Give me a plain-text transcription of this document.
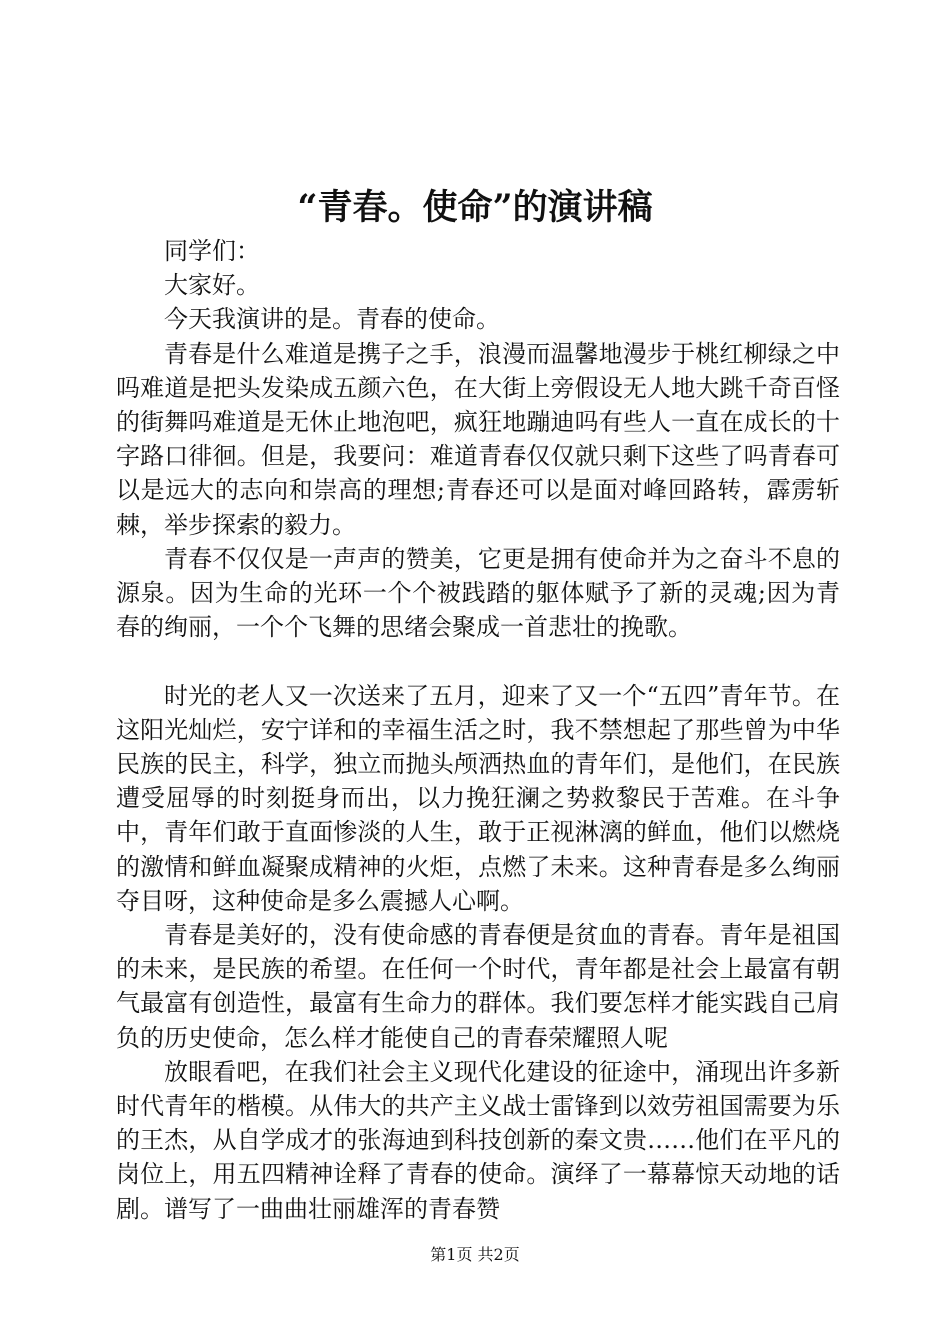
“青春。使命”的演讲稿

同学们：

大家好。

今天我演讲的是。青春的使命。

青春是什么难道是携子之手，浪漫而温馨地漫步于桃红柳绿之中吗难道是把头发染成五颜六色，在大街上旁假设无人地大跳千奇百怪的街舞吗难道是无休止地泡吧，疯狂地蹦迪吗有些人一直在成长的十字路口徘徊。但是，我要问：难道青春仅仅就只剩下这些了吗青春可以是远大的志向和崇高的理想;青春还可以是面对峰回路转，霹雳斩棘，举步探索的毅力。

青春不仅仅是一声声的赞美，它更是拥有使命并为之奋斗不息的源泉。因为生命的光环一个个被践踏的躯体赋予了新的灵魂;因为青春的绚丽，一个个飞舞的思绪会聚成一首悲壮的挽歌。

时光的老人又一次送来了五月，迎来了又一个“五四”青年节。在这阳光灿烂，安宁详和的幸福生活之时，我不禁想起了那些曾为中华民族的民主，科学，独立而抛头颅洒热血的青年们，是他们，在民族遭受屈辱的时刻挺身而出，以力挽狂澜之势救黎民于苦难。在斗争中，青年们敢于直面惨淡的人生，敢于正视淋漓的鲜血，他们以燃烧的激情和鲜血凝聚成精神的火炬，点燃了未来。这种青春是多么绚丽夺目呀，这种使命是多么震撼人心啊。

青春是美好的，没有使命感的青春便是贫血的青春。青年是祖国的未来，是民族的希望。在任何一个时代，青年都是社会上最富有朝气最富有创造性，最富有生命力的群体。我们要怎样才能实践自己肩负的历史使命，怎么样才能使自己的青春荣耀照人呢

放眼看吧，在我们社会主义现代化建设的征途中，涌现出许多新时代青年的楷模。从伟大的共产主义战士雷锋到以效劳祖国需要为乐的王杰，从自学成才的张海迪到科技创新的秦文贵……他们在平凡的岗位上，用五四精神诠释了青春的使命。演绎了一幕幕惊天动地的话剧。谱写了一曲曲壮丽雄浑的青春赞

第1页 共2页
